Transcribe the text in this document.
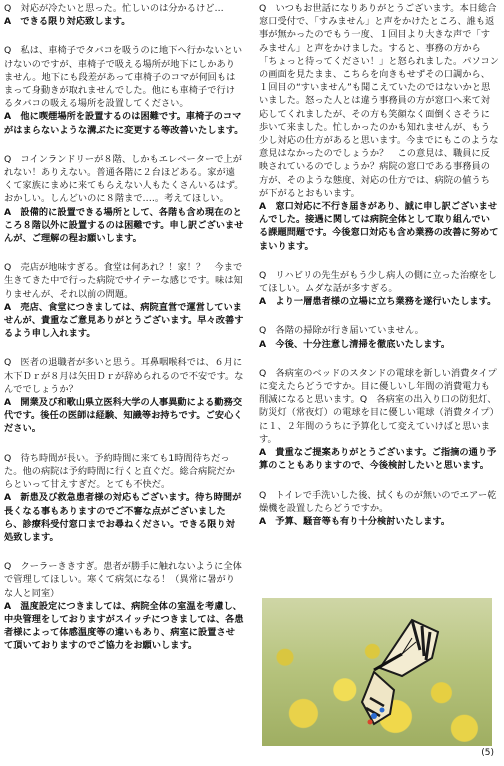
Q　対応が冷たいと思った。忙しいのは分かるけど…

A　できる限り対応致します。

Q　私は、車椅子でタバコを吸うのに地下へ行かないといけないのですが、車椅子で吸える場所が地下にしかありません。地下にも段差があって車椅子のコマが何回もはまって身動きが取れませんでした。他にも車椅子で行けるタバコの吸える場所を設置してください。

A　他に喫煙場所を設置するのは困難です。車椅子のコマがはまらないような溝ぶたに変更する等改善いたします。

Q　コインランドリーが８階、しかもエレベーターで上がれない！ありえない。普通各階に２台ほどある。家が遠くて家族にまめに来てもらえない人もたくさんいるはず。おかしい。しんどいのに８階まで‥‥。考えてほしい。

A　設備的に設置できる場所として、各階も含め現在のところ８階以外に設置するのは困難です。申し訳ございませんが、ご理解の程お願いします。

Q　売店が地味すぎる。食堂は何あれ？！家！？　今まで生きてきた中で行った病院でサイテーな感じです。味は知りませんが、それ以前の問題。

A　売店、食堂につきましては、病院直営で運営していませんが、貴重なご意見ありがとうございます。早々改善するよう申し入れます。

Q　医者の退職者が多いと思う。耳鼻咽喉科では、６月に木下Ｄｒが８月は矢田Ｄｒが辞められるので不安です。なんででしょうか？

A　開業及び和歌山県立医科大学の人事異動による勤務交代です。後任の医師は経験、知識等お持ちです。ご安心ください。

Q　待ち時間が長い。予約時間に来ても1時間待ちだった。他の病院は予約時間に行くと直ぐだ。総合病院だからといって甘えすぎだ。とても不快だ。

A　新患及び救急患者様の対応もございます。待ち時間が長くなる事もありますのでご不審な点がございましたら、診療科受付窓口までお尋ねください。できる限り対処致します。

Q　クーラーききすぎ。患者が勝手に触れないように全体で管理してほしい。寒くて病気になる！（異常に暑がりな人と同室）

A　温度設定につきましては、病院全体の室温を考慮し、中央管理をしておりますがスイッチにつきましては、各患者様によって体感温度等の違いもあり、病室に設置させて頂いておりますのでご協力をお願いします。

Q　いつもお世話になりありがとうございます。本日総合窓口受付で、「すみません」と声をかけたところ、誰も返事が無かったのでもう一度、１回目より大きな声で「すみません」と声をかけました。すると、事務の方から「ちょっと待ってください！」と怒られました。パソコンの画面を見たまま、こちらを向きもせずその口調から、１回目の“すいません”も聞こえていたのではないかと思いました。怒った人とは違う事務員の方が窓口へ来て対応してくれましたが、その方も笑顔なく面倒くさそうに歩いて来ました。忙しかったのかも知れませんが、もう少し対応の仕方があると思います。今までにもこのような意見はなかったのでしょうか？　この意見は、職員に反映されているのでしょうか？病院の窓口である事務員の方が、そのような態度、対応の仕方では、病院の値うちが下がるとおもいます。

A　窓口対応に不行き届きがあり、誠に申し訳ございませんでした。接遇に関しては病院全体として取り組んでいる課題問題です。今後窓口対応も含め業務の改善に努めてまいります。

Q　リハビリの先生がもう少し病人の側に立った治療をしてほしい。ムダな話が多すぎる。

A　より一層患者様の立場に立ち業務を遂行いたします。

Q　各階の掃除が行き届いていません。

A　今後、十分注意し清掃を徹底いたします。

Q　各病室のベッドのスタンドの電球を新しい消費タイプに変えたらどうですか。目に優しいし年間の消費電力も削減になると思います。Q　各病室の出入り口の防犯灯、防災灯（常夜灯）の電球を目に優しい電球（消費タイプ）に１、２年間のうちに予算化して変えていけばと思います。

A　貴重なご提案ありがとうございます。ご指摘の通り予算のこともありますので、今後検討したいと思います。

Q　トイレで手洗いした後、拭くものが無いのでエアー乾燥機を設置したらどうですか。

A　予算、騒音等も有り十分検討いたします。

(5)
